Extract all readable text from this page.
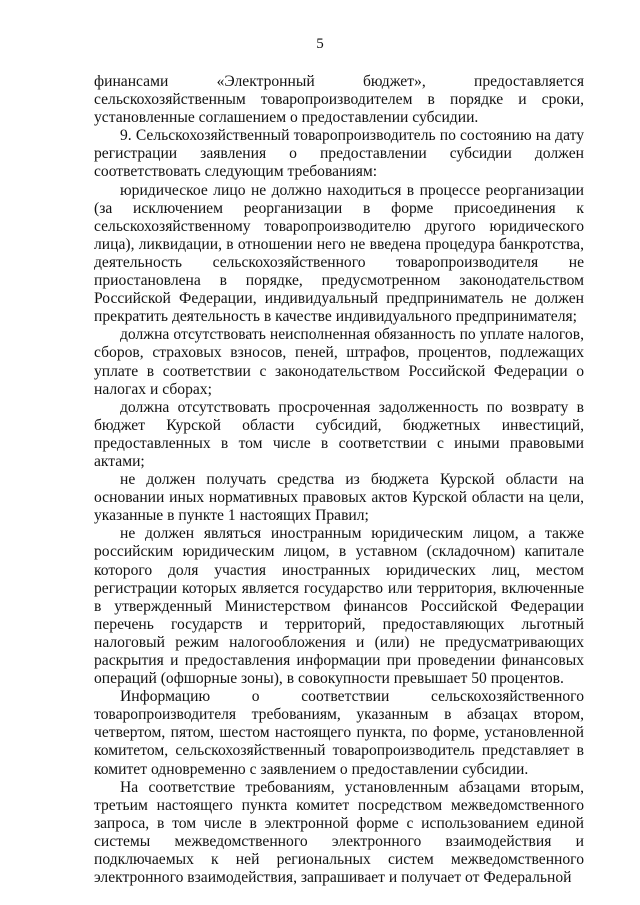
5

финансами «Электронный бюджет», предоставляется сельскохозяйственным товаропроизводителем в порядке и сроки, установленные соглашением о предоставлении субсидии.

9. Сельскохозяйственный товаропроизводитель по состоянию на дату регистрации заявления о предоставлении субсидии должен соответствовать следующим требованиям:

юридическое лицо не должно находиться в процессе реорганизации (за исключением реорганизации в форме присоединения к сельскохозяйственному товаропроизводителю другого юридического лица), ликвидации, в отношении него не введена процедура банкротства, деятельность сельскохозяйственного товаропроизводителя не приостановлена в порядке, предусмотренном законодательством Российской Федерации, индивидуальный предприниматель не должен прекратить деятельность в качестве индивидуального предпринимателя;

должна отсутствовать неисполненная обязанность по уплате налогов, сборов, страховых взносов, пеней, штрафов, процентов, подлежащих уплате в соответствии с законодательством Российской Федерации о налогах и сборах;

должна отсутствовать просроченная задолженность по возврату в бюджет Курской области субсидий, бюджетных инвестиций, предоставленных в том числе в соответствии с иными правовыми актами;

не должен получать средства из бюджета Курской области на основании иных нормативных правовых актов Курской области на цели, указанные в пункте 1 настоящих Правил;

не должен являться иностранным юридическим лицом, а также российским юридическим лицом, в уставном (складочном) капитале которого доля участия иностранных юридических лиц, местом регистрации которых является государство или территория, включенные в утвержденный Министерством финансов Российской Федерации перечень государств и территорий, предоставляющих льготный налоговый режим налогообложения и (или) не предусматривающих раскрытия и предоставления информации при проведении финансовых операций (офшорные зоны), в совокупности превышает 50 процентов.

Информацию о соответствии сельскохозяйственного товаропроизводителя требованиям, указанным в абзацах втором, четвертом, пятом, шестом настоящего пункта, по форме, установленной комитетом, сельскохозяйственный товаропроизводитель представляет в комитет одновременно с заявлением о предоставлении субсидии.

На соответствие требованиям, установленным абзацами вторым, третьим настоящего пункта комитет посредством межведомственного запроса, в том числе в электронной форме с использованием единой системы межведомственного электронного взаимодействия и подключаемых к ней региональных систем межведомственного электронного взаимодействия, запрашивает и получает от Федеральной
